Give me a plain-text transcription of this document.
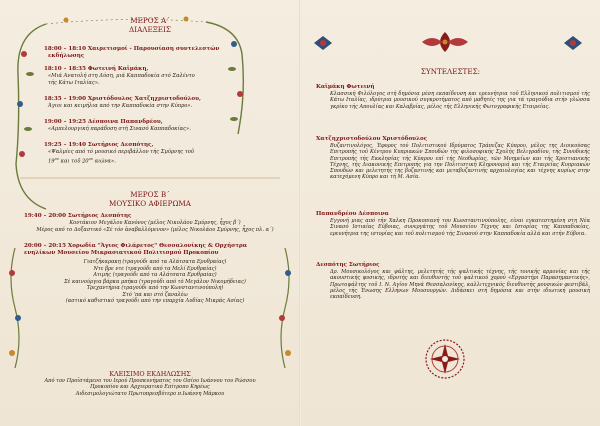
ΜΕΡΟΣ Α΄
ΔΙΑΛΕΞΕΙΣ
18:00 – 18:10 Χαιρετισμοί - Παρουσίαση συντελεστών
εκδήλωσης
18:10 – 18:35 Φωτεινή Καϊμάκη,
«Μιά Ανατολή στη Δύση, μιά Καππαδοκία στό Σαλέντο
τής Κάτω Ιταλίας».
18:35 – 19:00 Χριστόδουλος Χατζηχριστοδούλου,
Άγιοι και κειμήλια από την Καππαδοκία στην Κύπρο».
19:00 – 19:25 Δέσποινα Παπανδρέου,
«Αμπελουργική παράδοση στή Σινασό Καππαδοκίας».
19:25 – 19:40 Σωτήριος Δεσπότης,
«Ψαλμίες από τό μουσικό περιβάλλον τής Σμύρνης τοῦ
$19^{o\upsilon}$ και τοῦ $20^{o\upsilon}$ αιώνα».
ΜΕΡΟΣ Β΄
ΜΟΥΣΙΚΟ ΑΦΙΕΡΩΜΑ
19:40 – 20:00 Σωτήριος Δεσπότης
Κοντάκιον Μεγάλου Κανόνος (μέλος Νικολάου Σμύρνης, ἦχος β΄)
Μέρος από το Δοξαστικό «Σέ τόν ἀναβαλλόμενον» (μέλος Νικολάου Σμύρνης, ἦχος πλ. α΄)
20:00 – 20:15 Χορωδία "Άγιος Φιλάρετος" Θεσσαλονίκης & Ορχήστρα
ενηλίκων Μουσείου Μικρασιατικού Πολιτισμού Προκοπίου
Γιατζήκαρακη (τραγούδι από τα Αλάτσατα Ερυθραίας)
Ντε βρε ντε (τραγούδι από τα Μελί Ερυθραίας)
Ατιμής (τραγούδι από τα Αλάτσατα Ερυθραίας)
Σέ καινούργια βάρκα μπήκα (τραγούδι από τό Μεγάλον Νικομήδειας)
Τρεχαντήρια (τραγούδι από την Κωνσταντινούπολη)
Στό ʼπα και στό ζαναλέω
(αστικό καθιστικό τραγούδι από την επαρχία Λυδίας Μικράς Ασίας)
ΚΛΕΙΣΙΜΟ ΕΚΔΗΛΩΣΗΣ
Από τον Προϊστάμενο του Ιερού Προσκυνήματος του Οσίου Ιωάννου του Ρώσσου
Προκοπίου και Αρχιερατικό Επίτροπο Κηρέως
Αιδεσιμολογιώτατο Πρωτοπρεσβύτερο π.Ιωάννη Μάρκου
ΣΥΝΤΕΛΕΣΤΕΣ:
Καϊμάκη Φωτεινή
Κλασσική Φιλόλογος στή δημόσια μέση εκπαίδευση και ερευνήτρια τοῦ Ελληνικού πολιτισμού τής Κάτω Ιταλίας, ιδρύτρια μουσικού συγκροτήματος από μαθητές της για τά τραγούδια στήν γλώσσα γκρίκο τής Απουλίας και Καλαβρίας, μέλος τής Ελληνικής Φωτογραφικής Εταιρείας.
Χατζηχριστοδούλου Χριστόδουλος
Βυζαντινολόγος, Έφορος τού Πολιτιστικού Ιδρύματος Τράπεζας Κύπρου, μέλος της Διοικούσας Επιτροπής τοῦ Κέντρου Κυπριακών Σπουδών τής φιλοσοφικής Σχολής Βελιγραδίου, τής Συνοδικής Επιτροπής τής Εκκλησίας τής Κύπρου επί τής Νεοθωρίας, τῶν Μνημείων και τής Χριστιανικής Τέχνης, τής Διακονικής Επιτροπής για την Πολιτιστική Κληρονομιά και τής Εταιρείας Κυπριακών Σπουδών και μελετητής της βυζαντινής και μεταβυζαντινής αρχαιολογίας και τέχνης κυρίως στην κατεχόμενη Κύπρο και τή Μ. Ασία.
Παπανδρέου Δέσποινα
Εγγονή μιας από τήν Χαλκη Προκοπιανή του Κωνσταντινούπολης, είναι εγκατεστημένη στη Νέα Σινασό Ιστιαίας Εύβοιας, συνεργάτης τοῦ Μουσείου Τέχνης και Ιστορίας της Καππαδοκίας, ερευνήτρια της ιστορίας και τοῦ πολιτισμού τής Σινασού στην Καππαδοκία αλλά και στήν Εύβοια.
Δεσπότης Σωτήριος
Δρ. Μουσικολόγος και ψάλτης, μελετητής τής ψαλτικής τέχνης, τής τονικής αρμονίας και τής ακουστικής φυσικής, ιδρυτής και διευθυντής τοῦ ψαλτικού χορού «Εργαστήρι Παρασημαντικής», Πρωτοψάλτης τοῦ Ι. Ν. Αγίου Μηνά Θεσσαλονίκης, καλλιτεχνικός διευθυντής μουσικών φεστιβάλ, μέλος τής Ένωσης Ελλήνων Μουσουργών. Διδάσκει στή δημόσια και στήν ιδιωτική μουσική εκπαίδευση.
